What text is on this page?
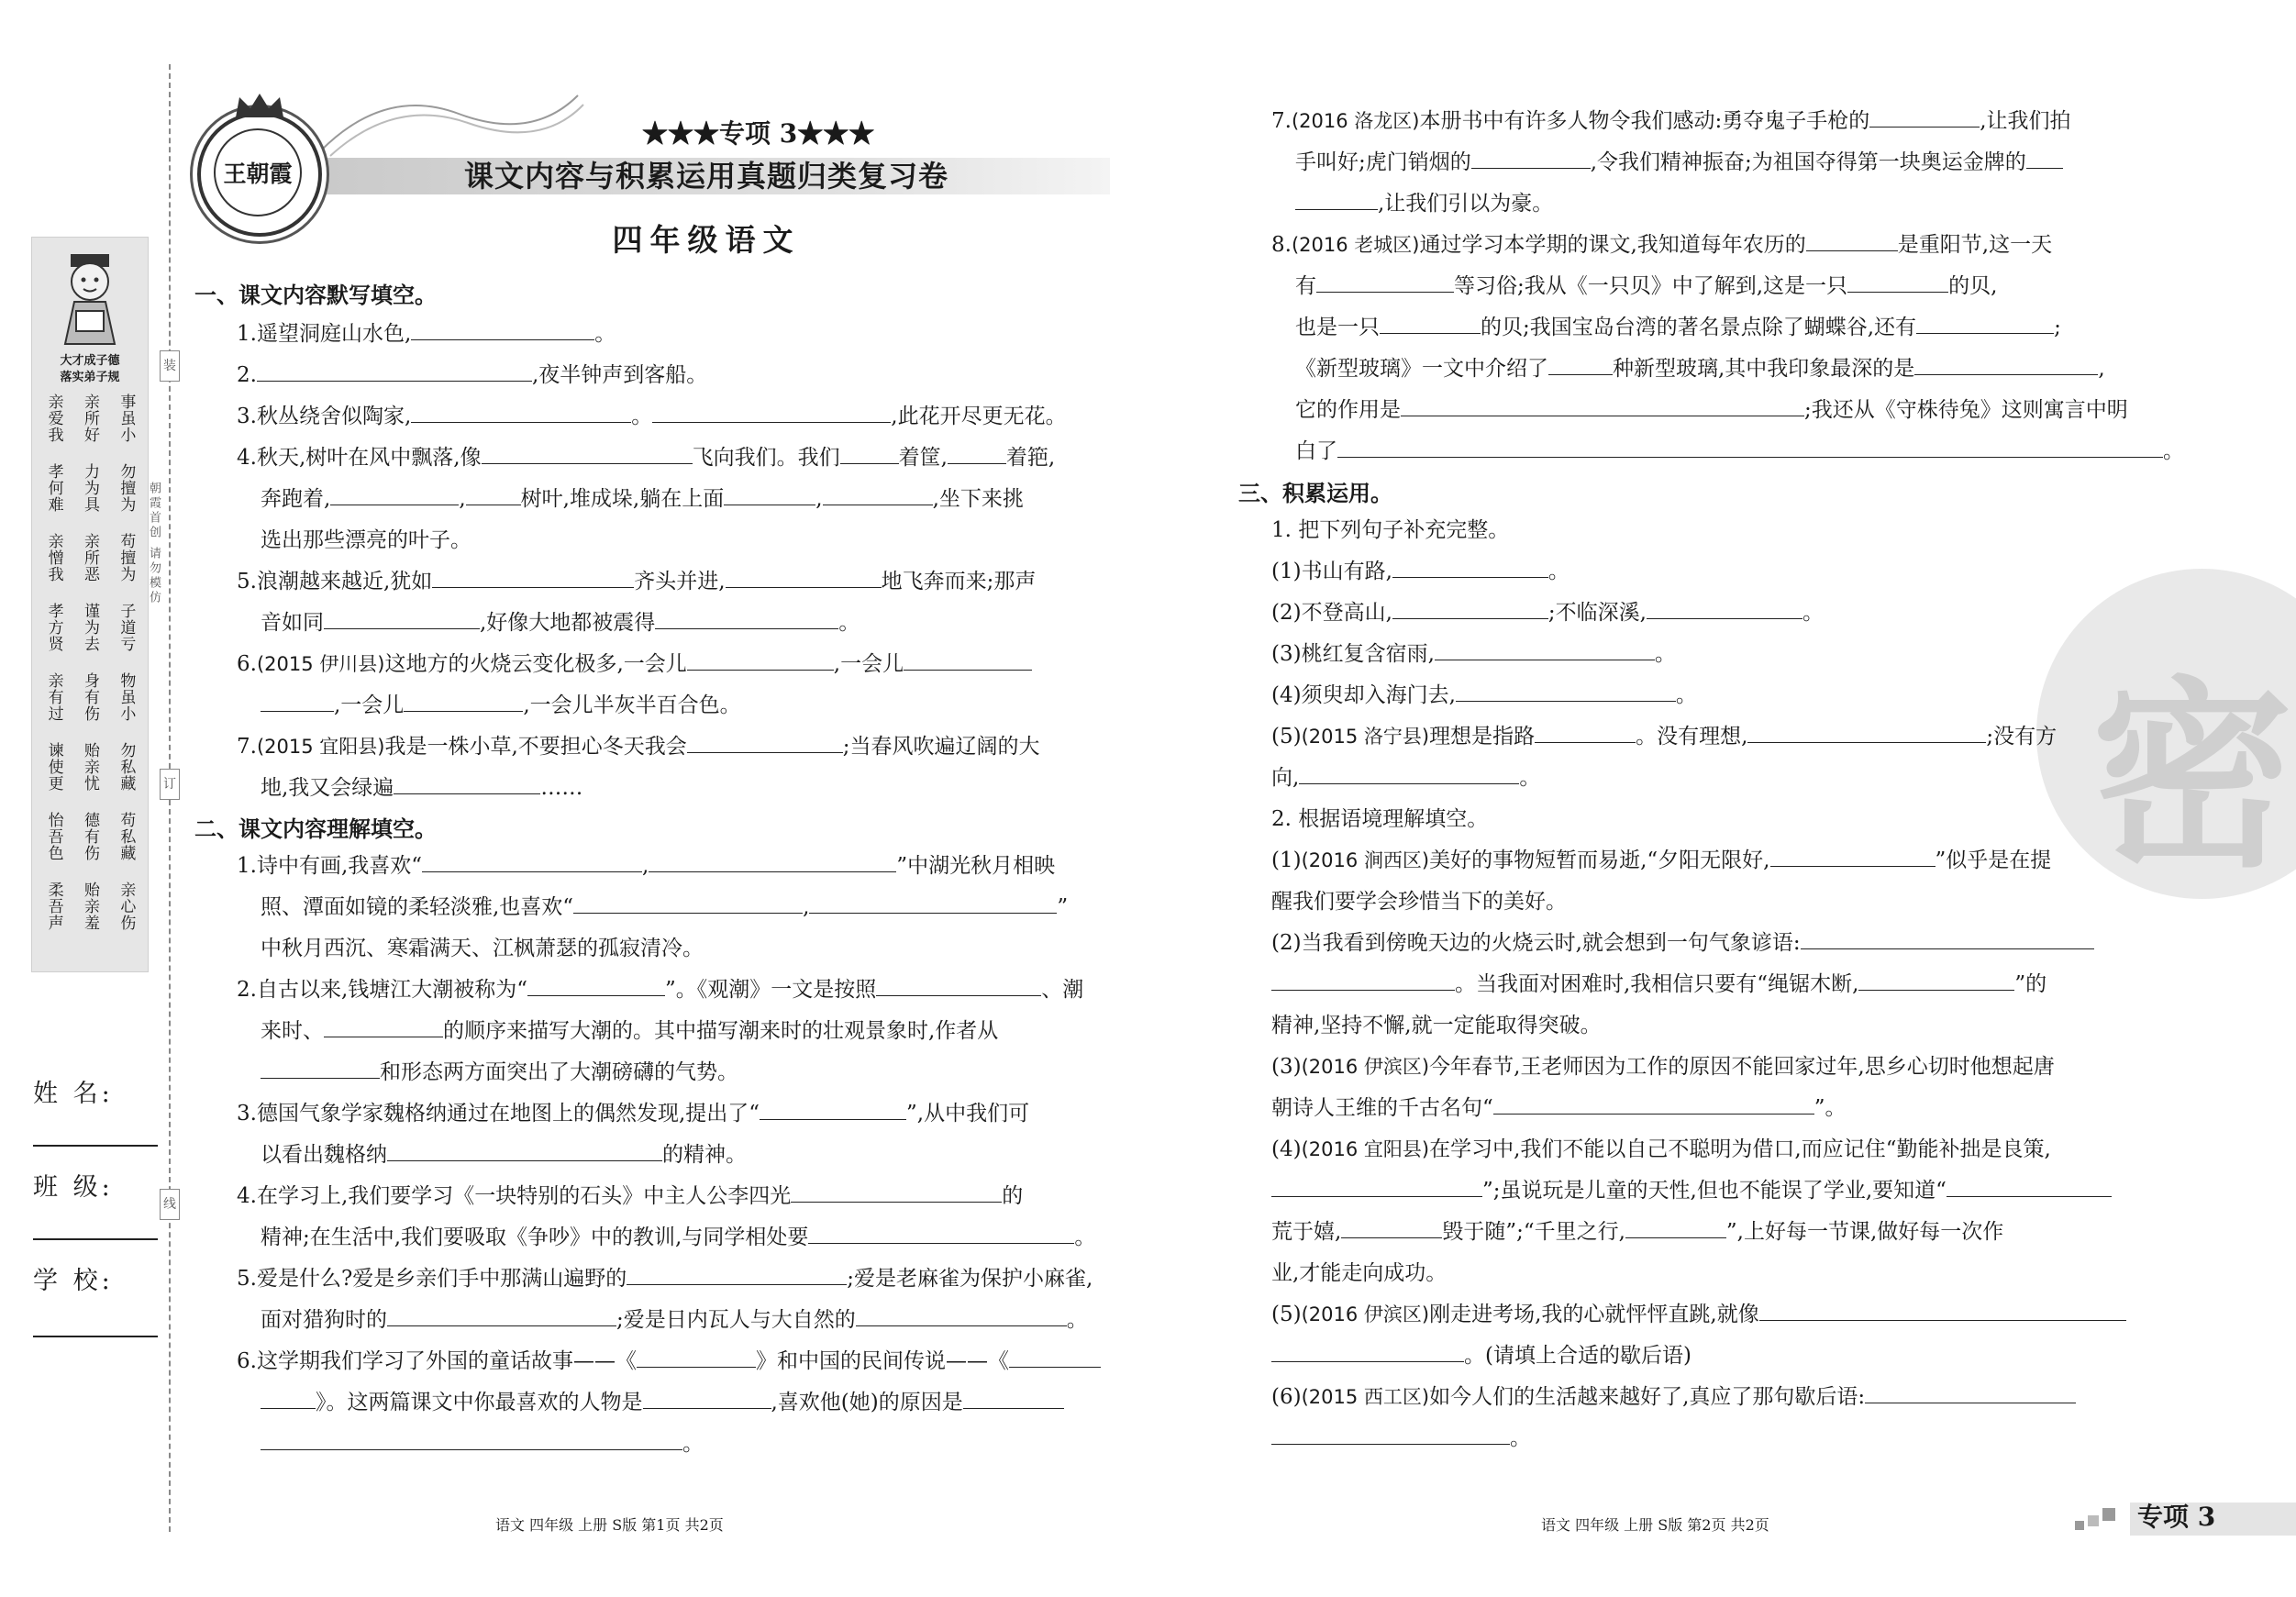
大才成子德
落实弟子规
亲爱我 亲所好 事虽小
孝何难 力为具 勿擅为
亲憎我 亲所恶 苟擅为
孝方贤 谨为去 子道亏
亲有过 身有伤 物虽小
谏使更 贻亲忧 勿私藏
怡吾色 德有伤 苟私藏
柔吾声 贻亲羞 亲心伤
装
订
线
朝霞首创 请勿模仿
姓 名:
班 级:
学 校:
王朝霞
★★★专项 3★★★
课文内容与积累运用真题归类复习卷
四年级语文
一、课文内容默写填空。
1.遥望洞庭山水色,	。
2.	,夜半钟声到客船。
3.秋丛绕舍似陶家,	。	,此花开尽更无花。
4.秋天,树叶在风中飘落,像	飞向我们。我们	着筐,	着筢,
奔跑着,	,	树叶,堆成垛,躺在上面	,	,坐下来挑
选出那些漂亮的叶子。
5.浪潮越来越近,犹如	齐头并进,	地飞奔而来;那声
音如同	,好像大地都被震得	。
6.(2015 伊川县)这地方的火烧云变化极多,一会儿	,一会儿
,一会儿	,一会儿半灰半百合色。
7.(2015 宜阳县)我是一株小草,不要担心冬天我会	;当春风吹遍辽阔的大
地,我又会绿遍	……
二、课文内容理解填空。
1.诗中有画,我喜欢“	,	”中湖光秋月相映
照、潭面如镜的柔轻淡雅,也喜欢“	,	”
中秋月西沉、寒霜满天、江枫萧瑟的孤寂清冷。
2.自古以来,钱塘江大潮被称为“	”。《观潮》一文是按照	、潮
来时、	的顺序来描写大潮的。其中描写潮来时的壮观景象时,作者从
和形态两方面突出了大潮磅礴的气势。
3.德国气象学家魏格纳通过在地图上的偶然发现,提出了“	”,从中我们可
以看出魏格纳	的精神。
4.在学习上,我们要学习《一块特别的石头》中主人公李四光	的
精神;在生活中,我们要吸取《争吵》中的教训,与同学相处要	。
5.爱是什么?爱是乡亲们手中那满山遍野的	;爱是老麻雀为保护小麻雀,
面对猎狗时的	;爱是日内瓦人与大自然的	。
6.这学期我们学习了外国的童话故事——《	》和中国的民间传说——《
》。这两篇课文中你最喜欢的人物是	,喜欢他(她)的原因是
。
语文 四年级 上册 S版 第1页 共2页
密
7.(2016 洛龙区)本册书中有许多人物令我们感动:勇夺鬼子手枪的	,让我们拍
手叫好;虎门销烟的	,令我们精神振奋;为祖国夺得第一块奥运金牌的
,让我们引以为豪。
8.(2016 老城区)通过学习本学期的课文,我知道每年农历的	是重阳节,这一天
有	等习俗;我从《一只贝》中了解到,这是一只	的贝,
也是一只	的贝;我国宝岛台湾的著名景点除了蝴蝶谷,还有	;
《新型玻璃》一文中介绍了	种新型玻璃,其中我印象最深的是	,
它的作用是	;我还从《守株待兔》这则寓言中明
白了	。
三、积累运用。
1. 把下列句子补充完整。
(1)书山有路,	。
(2)不登高山,	;不临深溪,	。
(3)桃红复含宿雨,	。
(4)须臾却入海门去,	。
(5)(2015 洛宁县)理想是指路	。没有理想,	;没有方
向,	。
2. 根据语境理解填空。
(1)(2016 涧西区)美好的事物短暂而易逝,“夕阳无限好,	”似乎是在提
醒我们要学会珍惜当下的美好。
(2)当我看到傍晚天边的火烧云时,就会想到一句气象谚语:
。当我面对困难时,我相信只要有“绳锯木断,	”的
精神,坚持不懈,就一定能取得突破。
(3)(2016 伊滨区)今年春节,王老师因为工作的原因不能回家过年,思乡心切时他想起唐
朝诗人王维的千古名句“	”。
(4)(2016 宜阳县)在学习中,我们不能以自己不聪明为借口,而应记住“勤能补拙是良策,
”;虽说玩是儿童的天性,但也不能误了学业,要知道“
荒于嬉,	毁于随”;“千里之行,	”,上好每一节课,做好每一次作
业,才能走向成功。
(5)(2016 伊滨区)刚走进考场,我的心就怦怦直跳,就像
。(请填上合适的歇后语)
(6)(2015 西工区)如今人们的生活越来越好了,真应了那句歇后语:
。
语文 四年级 上册 S版 第2页 共2页	专项 3
